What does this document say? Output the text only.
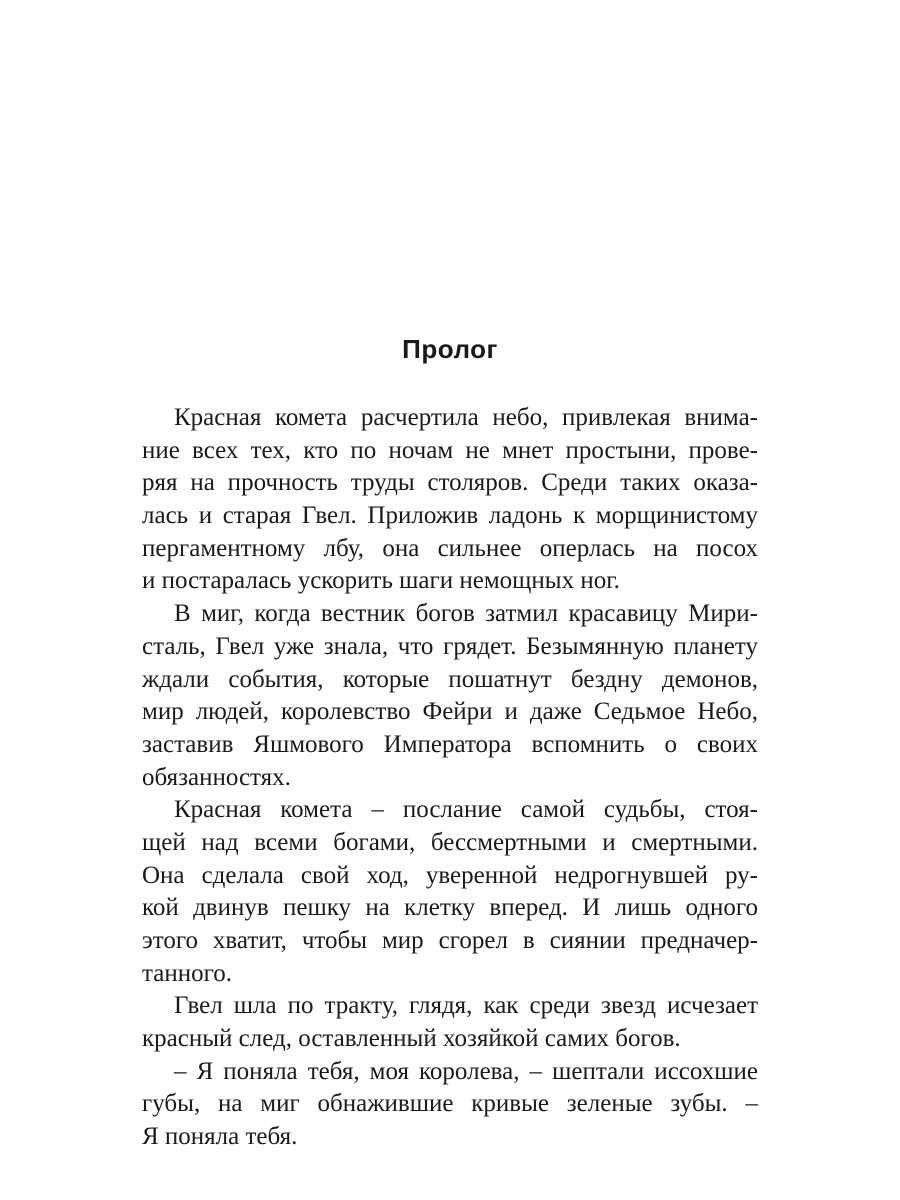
Пролог
Красная комета расчертила небо, привлекая внима-
ние всех тех, кто по ночам не мнет простыни, прове-
ряя на прочность труды столяров. Среди таких оказа-
лась и старая Гвел. Приложив ладонь к морщинистому
пергаментному лбу, она сильнее оперлась на посох
и постаралась ускорить шаги немощных ног.
В миг, когда вестник богов затмил красавицу Мири-
сталь, Гвел уже знала, что грядет. Безымянную планету
ждали события, которые пошатнут бездну демонов,
мир людей, королевство Фейри и даже Седьмое Небо,
заставив Яшмового Императора вспомнить о своих
обязанностях.
Красная комета – послание самой судьбы, стоя-
щей над всеми богами, бессмертными и смертными.
Она сделала свой ход, уверенной недрогнувшей ру-
кой двинув пешку на клетку вперед. И лишь одного
этого хватит, чтобы мир сгорел в сиянии предначер-
танного.
Гвел шла по тракту, глядя, как среди звезд исчезает
красный след, оставленный хозяйкой самих богов.
– Я поняла тебя, моя королева, – шептали иссохшие
губы, на миг обнажившие кривые зеленые зубы. –
Я поняла тебя.
